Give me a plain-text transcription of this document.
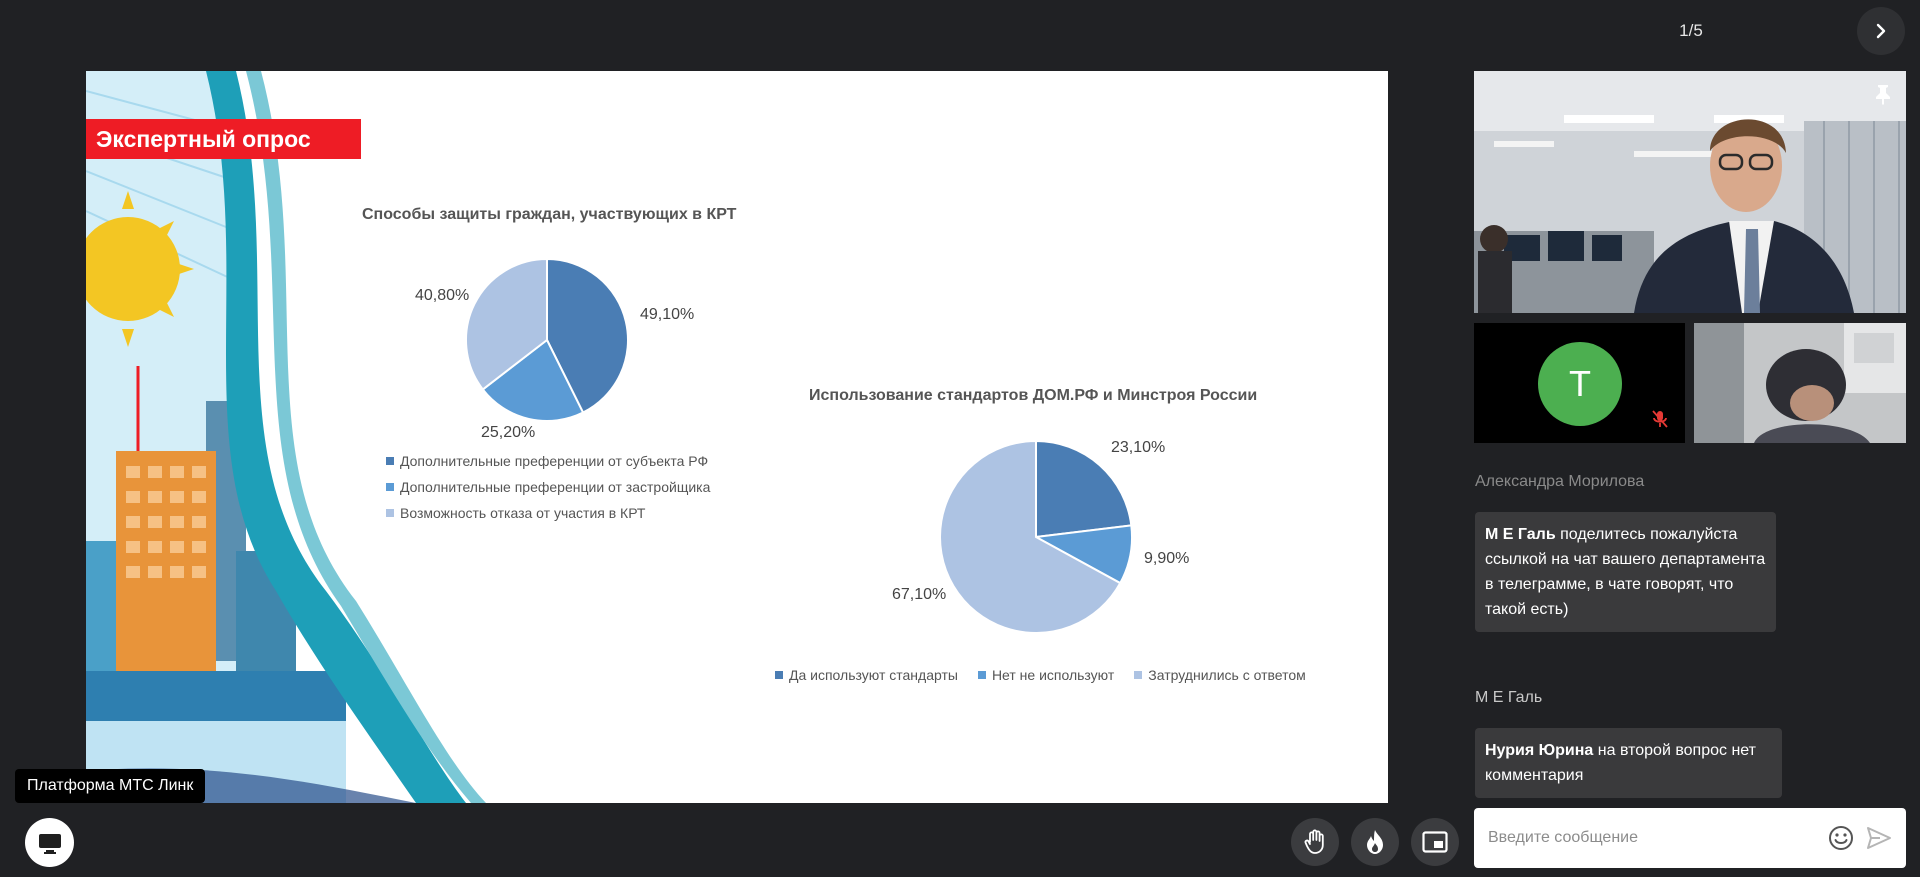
1/5
Экспертный опрос
Способы защиты граждан, участвующих в КРТ
49,10%
25,20%
40,80%
Дополнительные преференции от субъекта РФ
Дополнительные преференции от застройщика
Возможность отказа от участия в КРТ
Использование стандартов ДОМ.РФ и Минстроя России
23,10%
9,90%
67,10%
Да используют стандарты Нет не используют Затруднились с ответом
T
Александра Морилова
М Е Галь поделитесь пожалуйста ссылкой на чат вашего департамента в телеграмме, в чате говорят, что такой есть)
М Е Галь
Нурия Юрина на второй вопрос нет комментария
Введите сообщение
Платформа МТС Линк
